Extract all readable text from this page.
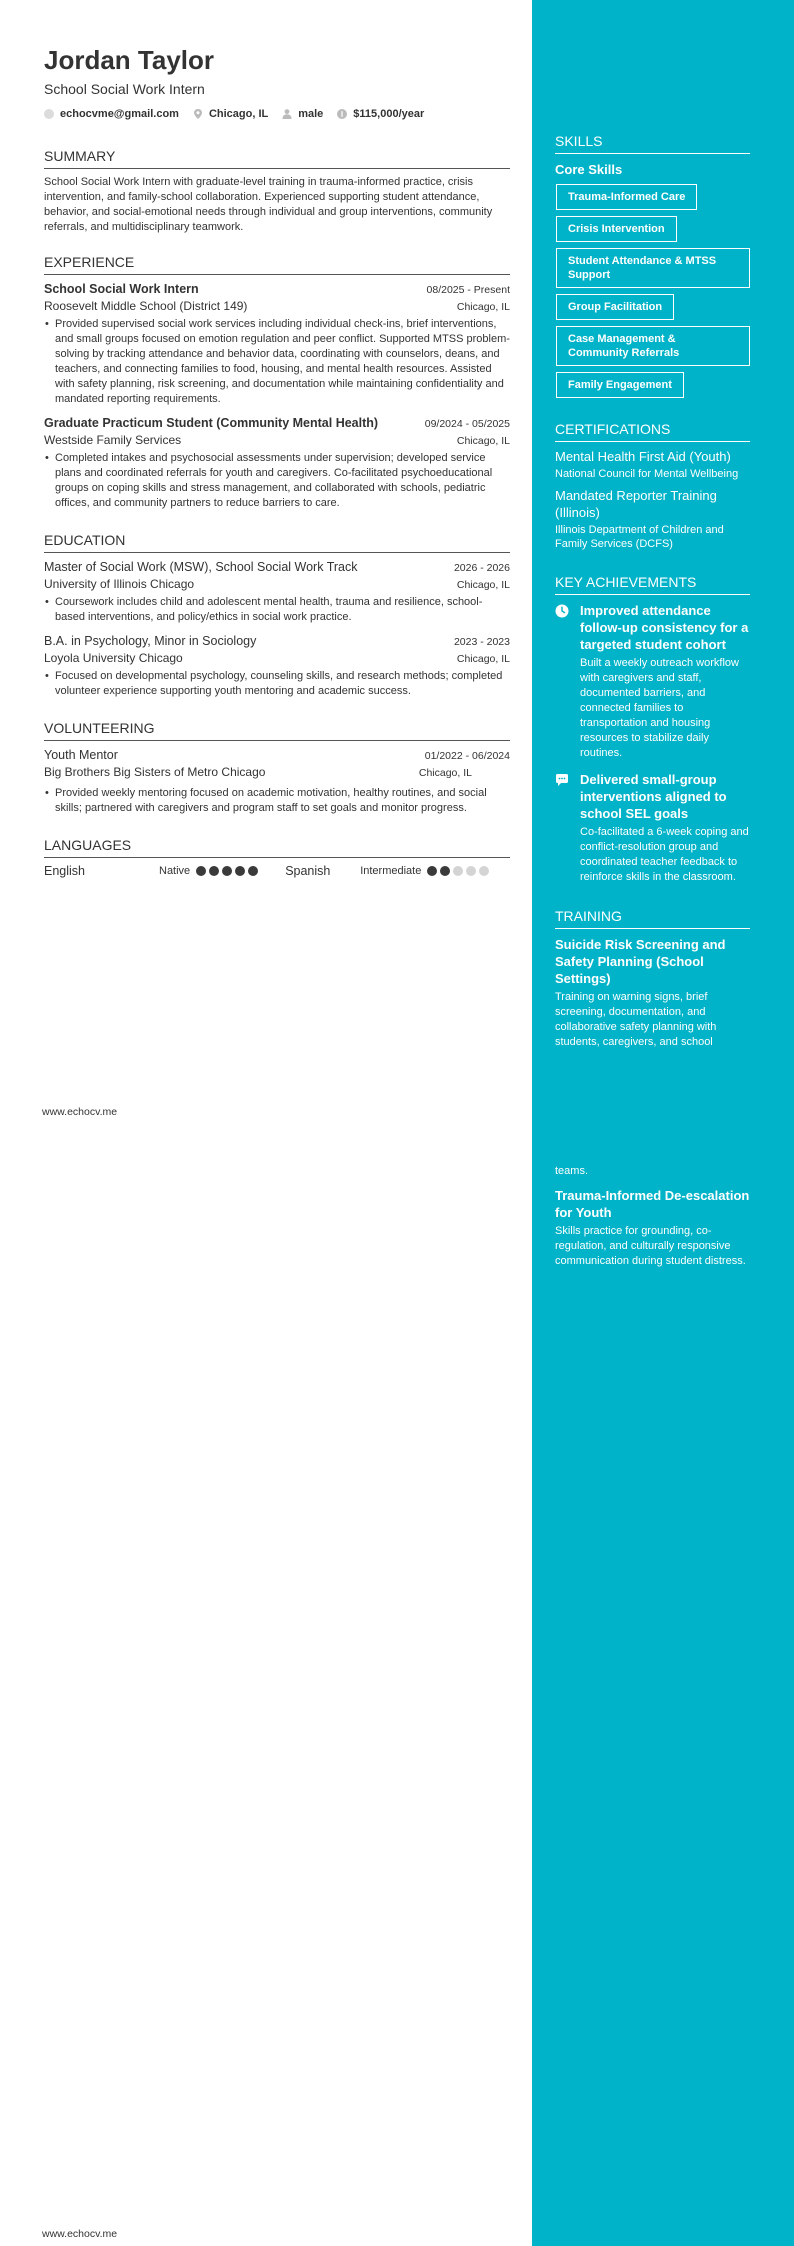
Jordan Taylor
School Social Work Intern
echocvme@gmail.com	Chicago, IL	male	$115,000/year
SUMMARY
School Social Work Intern with graduate-level training in trauma-informed practice, crisis intervention, and family-school collaboration. Experienced supporting student attendance, behavior, and social-emotional needs through individual and group interventions, community referrals, and multidisciplinary teamwork.
EXPERIENCE
School Social Work Intern	08/2025 - Present
Roosevelt Middle School (District 149)	Chicago, IL
• Provided supervised social work services including individual check-ins, brief interventions, and small groups focused on emotion regulation and peer conflict. Supported MTSS problem-solving by tracking attendance and behavior data, coordinating with counselors, deans, and teachers, and connecting families to food, housing, and mental health resources. Assisted with safety planning, risk screening, and documentation while maintaining confidentiality and mandated reporting requirements.
Graduate Practicum Student (Community Mental Health)	09/2024 - 05/2025
Westside Family Services	Chicago, IL
• Completed intakes and psychosocial assessments under supervision; developed service plans and coordinated referrals for youth and caregivers. Co-facilitated psychoeducational groups on coping skills and stress management, and collaborated with schools, pediatric offices, and community partners to reduce barriers to care.
EDUCATION
Master of Social Work (MSW), School Social Work Track	2026 - 2026
University of Illinois Chicago	Chicago, IL
• Coursework includes child and adolescent mental health, trauma and resilience, school-based interventions, and policy/ethics in social work practice.
B.A. in Psychology, Minor in Sociology	2023 - 2023
Loyola University Chicago	Chicago, IL
• Focused on developmental psychology, counseling skills, and research methods; completed volunteer experience supporting youth mentoring and academic success.
VOLUNTEERING
Youth Mentor	01/2022 - 06/2024
Big Brothers Big Sisters of Metro Chicago	Chicago, IL
• Provided weekly mentoring focused on academic motivation, healthy routines, and social skills; partnered with caregivers and program staff to set goals and monitor progress.
LANGUAGES
English	Native	Spanish	Intermediate
www.echocv.me
www.echocv.me
SKILLS
Core Skills
Trauma-Informed Care
Crisis Intervention
Student Attendance & MTSS Support
Group Facilitation
Case Management & Community Referrals
Family Engagement
CERTIFICATIONS
Mental Health First Aid (Youth)
National Council for Mental Wellbeing
Mandated Reporter Training (Illinois)
Illinois Department of Children and Family Services (DCFS)
KEY ACHIEVEMENTS
Improved attendance follow-up consistency for a targeted student cohort
Built a weekly outreach workflow with caregivers and staff, documented barriers, and connected families to transportation and housing resources to stabilize daily routines.
Delivered small-group interventions aligned to school SEL goals
Co-facilitated a 6-week coping and conflict-resolution group and coordinated teacher feedback to reinforce skills in the classroom.
TRAINING
Suicide Risk Screening and Safety Planning (School Settings)
Training on warning signs, brief screening, documentation, and collaborative safety planning with students, caregivers, and school
teams.
Trauma-Informed De-escalation for Youth
Skills practice for grounding, co-regulation, and culturally responsive communication during student distress.
